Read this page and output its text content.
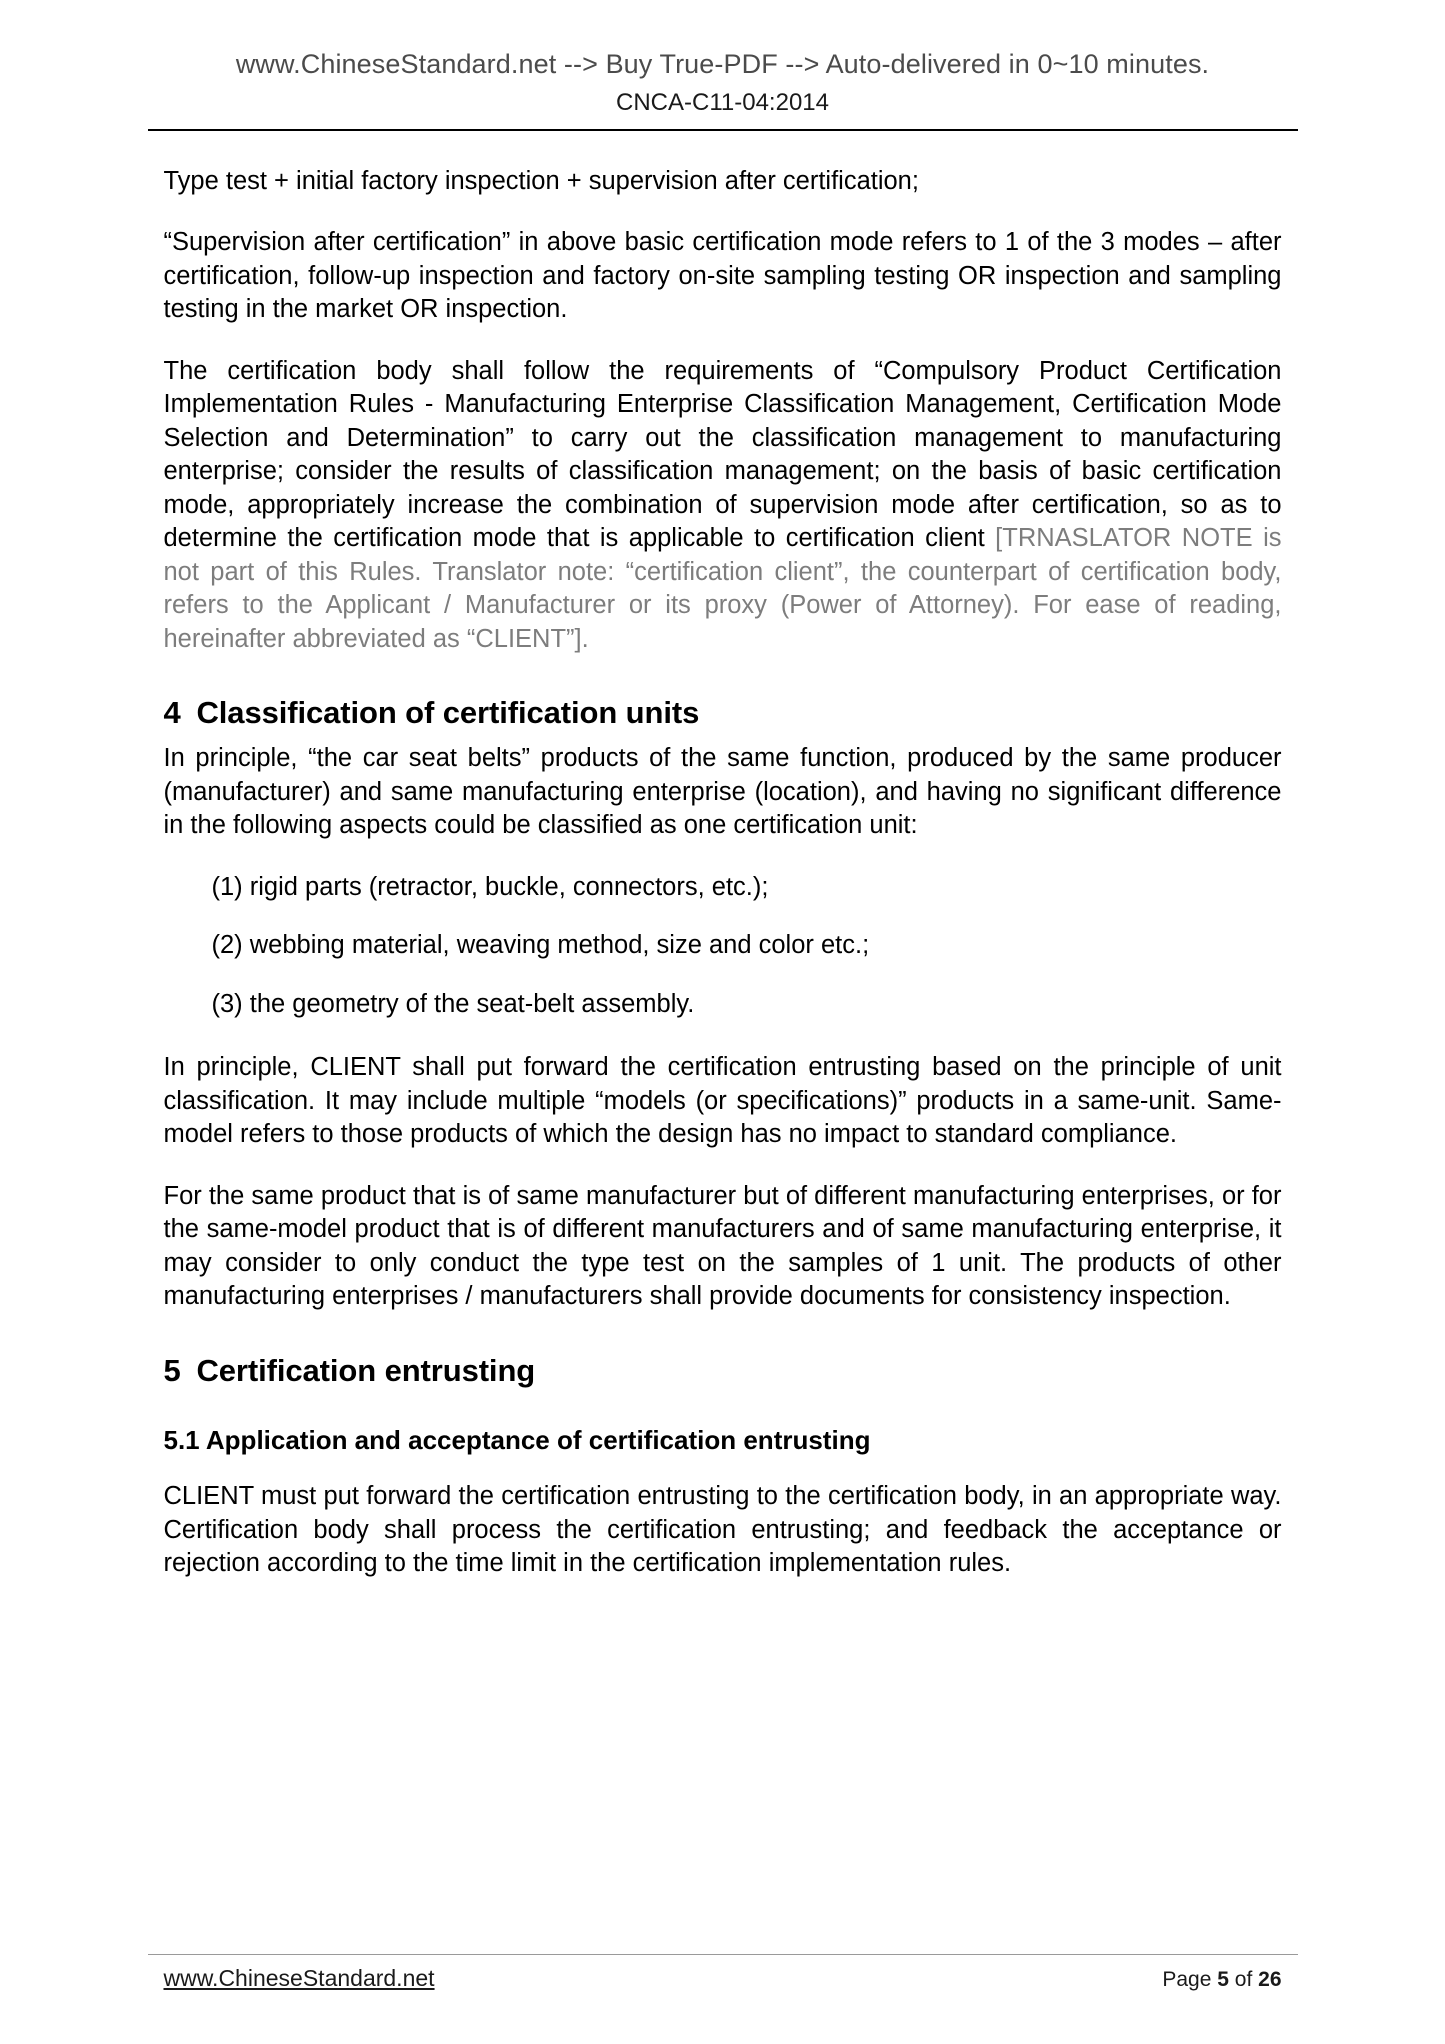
www.ChineseStandard.net --> Buy True-PDF --> Auto-delivered in 0~10 minutes.
CNCA-C11-04:2014

Type test + initial factory inspection + supervision after certification;

“Supervision after certification” in above basic certification mode refers to 1 of the 3 modes – after certification, follow-up inspection and factory on-site sampling testing OR inspection and sampling testing in the market OR inspection.

The certification body shall follow the requirements of “Compulsory Product Certification Implementation Rules - Manufacturing Enterprise Classification Management, Certification Mode Selection and Determination” to carry out the classification management to manufacturing enterprise; consider the results of classification management; on the basis of basic certification mode, appropriately increase the combination of supervision mode after certification, so as to determine the certification mode that is applicable to certification client [TRNASLATOR NOTE is not part of this Rules. Translator note: “certification client”, the counterpart of certification body, refers to the Applicant / Manufacturer or its proxy (Power of Attorney). For ease of reading, hereinafter abbreviated as “CLIENT”].

4 Classification of certification units

In principle, “the car seat belts” products of the same function, produced by the same producer (manufacturer) and same manufacturing enterprise (location), and having no significant difference in the following aspects could be classified as one certification unit:

(1) rigid parts (retractor, buckle, connectors, etc.);
(2) webbing material, weaving method, size and color etc.;
(3) the geometry of the seat-belt assembly.

In principle, CLIENT shall put forward the certification entrusting based on the principle of unit classification. It may include multiple “models (or specifications)” products in a same-unit. Same-model refers to those products of which the design has no impact to standard compliance.

For the same product that is of same manufacturer but of different manufacturing enterprises, or for the same-model product that is of different manufacturers and of same manufacturing enterprise, it may consider to only conduct the type test on the samples of 1 unit. The products of other manufacturing enterprises / manufacturers shall provide documents for consistency inspection.

5 Certification entrusting
5.1 Application and acceptance of certification entrusting

CLIENT must put forward the certification entrusting to the certification body, in an appropriate way. Certification body shall process the certification entrusting; and feedback the acceptance or rejection according to the time limit in the certification implementation rules.

www.ChineseStandard.net	Page 5 of 26
